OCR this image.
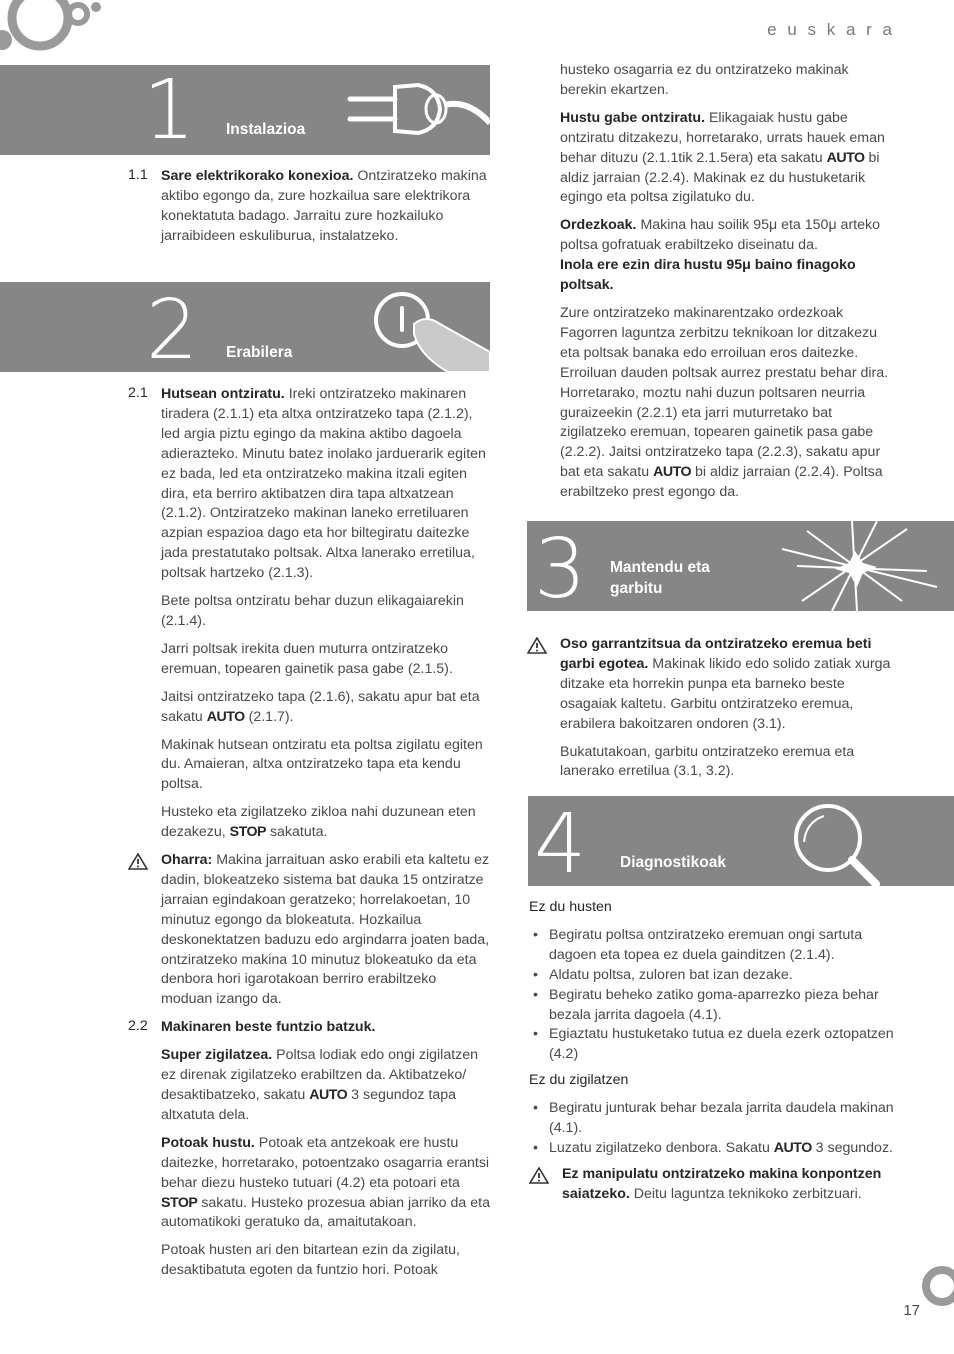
e u s k a r a
1 Instalazioa
2 Erabilera
3 Mantendu eta
garbitu
4 Diagnostikoak
1.1 Sare elektrikorako konexioa. Ontziratzeko makina aktibo egongo da, zure hozkailua sare elektrikora konektatuta badago. Jarraitu zure hozkailuko jarraibideen eskuliburua, instalatzeko.

2.1 Hutsean ontziratu. Ireki ontziratzeko makinaren tiradera (2.1.1) eta altxa ontziratzeko tapa (2.1.2), led argia piztu egingo da makina aktibo dagoela adierazteko. Minutu batez inolako jarduerarik egiten ez bada, led eta ontziratzeko makina itzali egiten dira, eta berriro aktibatzen dira tapa altxatzean (2.1.2). Ontziratzeko makinan laneko erretiluaren azpian espazioa dago eta hor biltegiratu daitezke jada prestatutako poltsak. Altxa lanerako erretilua, poltsak hartzeko (2.1.3).

Bete poltsa ontziratu behar duzun elikagaiarekin (2.1.4).

Jarri poltsak irekita duen muturra ontziratzeko eremuan, topearen gainetik pasa gabe (2.1.5).

Jaitsi ontziratzeko tapa (2.1.6), sakatu apur bat eta sakatu AUTO (2.1.7).

Makinak hutsean ontziratu eta poltsa zigilatu egiten du. Amaieran, altxa ontziratzeko tapa eta kendu poltsa.

Husteko eta zigilatzeko zikloa nahi duzunean eten dezakezu, STOP sakatuta.

Oharra: Makina jarraituan asko erabili eta kaltetu ez dadin, blokeatzeko sistema bat dauka 15 ontziratze jarraian egindakoan geratzeko; horrelakoetan, 10 minutuz egongo da blokeatuta. Hozkailua deskonektatzen baduzu edo argindarra joaten bada, ontziratzeko makina 10 minutuz blokeatuko da eta denbora hori igarotakoan berriro erabiltzeko moduan izango da.

2.2 Makinaren beste funtzio batzuk.

Super zigilatzea. Poltsa lodiak edo ongi zigilatzen ez direnak zigilatzeko erabiltzen da. Aktibatzeko/ desaktibatzeko, sakatu AUTO 3 segundoz tapa altxatuta dela.

Potoak hustu. Potoak eta antzekoak ere hustu daitezke, horretarako, potoentzako osagarria erantsi behar diezu husteko tutuari (4.2) eta potoari eta STOP sakatu. Husteko prozesua abian jarriko da eta automatikoki geratuko da, amaitutakoan.

Potoak husten ari den bitartean ezin da zigilatu, desaktibatuta egoten da funtzio hori. Potoak

husteko osagarria ez du ontziratzeko makinak berekin ekartzen.

Hustu gabe ontziratu. Elikagaiak hustu gabe ontziratu ditzakezu, horretarako, urrats hauek eman behar dituzu (2.1.1tik 2.1.5era) eta sakatu AUTO bi aldiz jarraian (2.2.4). Makinak ez du hustuketarik egingo eta poltsa zigilatuko du.

Ordezkoak. Makina hau soilik 95μ eta 150μ arteko poltsa gofratuak erabiltzeko diseinatu da.
Inola ere ezin dira hustu 95μ baino finagoko poltsak.

Zure ontziratzeko makinarentzako ordezkoak Fagorren laguntza zerbitzu teknikoan lor ditzakezu eta poltsak banaka edo erroiluan eros daitezke. Erroiluan dauden poltsak aurrez prestatu behar dira. Horretarako, moztu nahi duzun poltsaren neurria guraizeekin (2.2.1) eta jarri muturretako bat zigilatzeko eremuan, topearen gainetik pasa gabe (2.2.2). Jaitsi ontziratzeko tapa (2.2.3), sakatu apur bat eta sakatu AUTO bi aldiz jarraian (2.2.4). Poltsa erabiltzeko prest egongo da.

Oso garrantzitsua da ontziratzeko eremua beti garbi egotea. Makinak likido edo solido zatiak xurga ditzake eta horrekin punpa eta barneko beste osagaiak kaltetu. Garbitu ontziratzeko eremua, erabilera bakoitzaren ondoren (3.1).

Bukatutakoan, garbitu ontziratzeko eremua eta lanerako erretilua (3.1, 3.2).

Ez du husten

• Begiratu poltsa ontziratzeko eremuan ongi sartuta dagoen eta topea ez duela gainditzen (2.1.4).
• Aldatu poltsa, zuloren bat izan dezake.
• Begiratu beheko zatiko goma-aparrezko pieza behar bezala jarrita dagoela (4.1).
• Egiaztatu hustuketako tutua ez duela ezerk oztopatzen (4.2)

Ez du zigilatzen

• Begiratu junturak behar bezala jarrita daudela makinan (4.1).
• Luzatu zigilatzeko denbora. Sakatu AUTO 3 segundoz.

Ez manipulatu ontziratzeko makina konpontzen saiatzeko. Deitu laguntza teknikoko zerbitzuari.

17
